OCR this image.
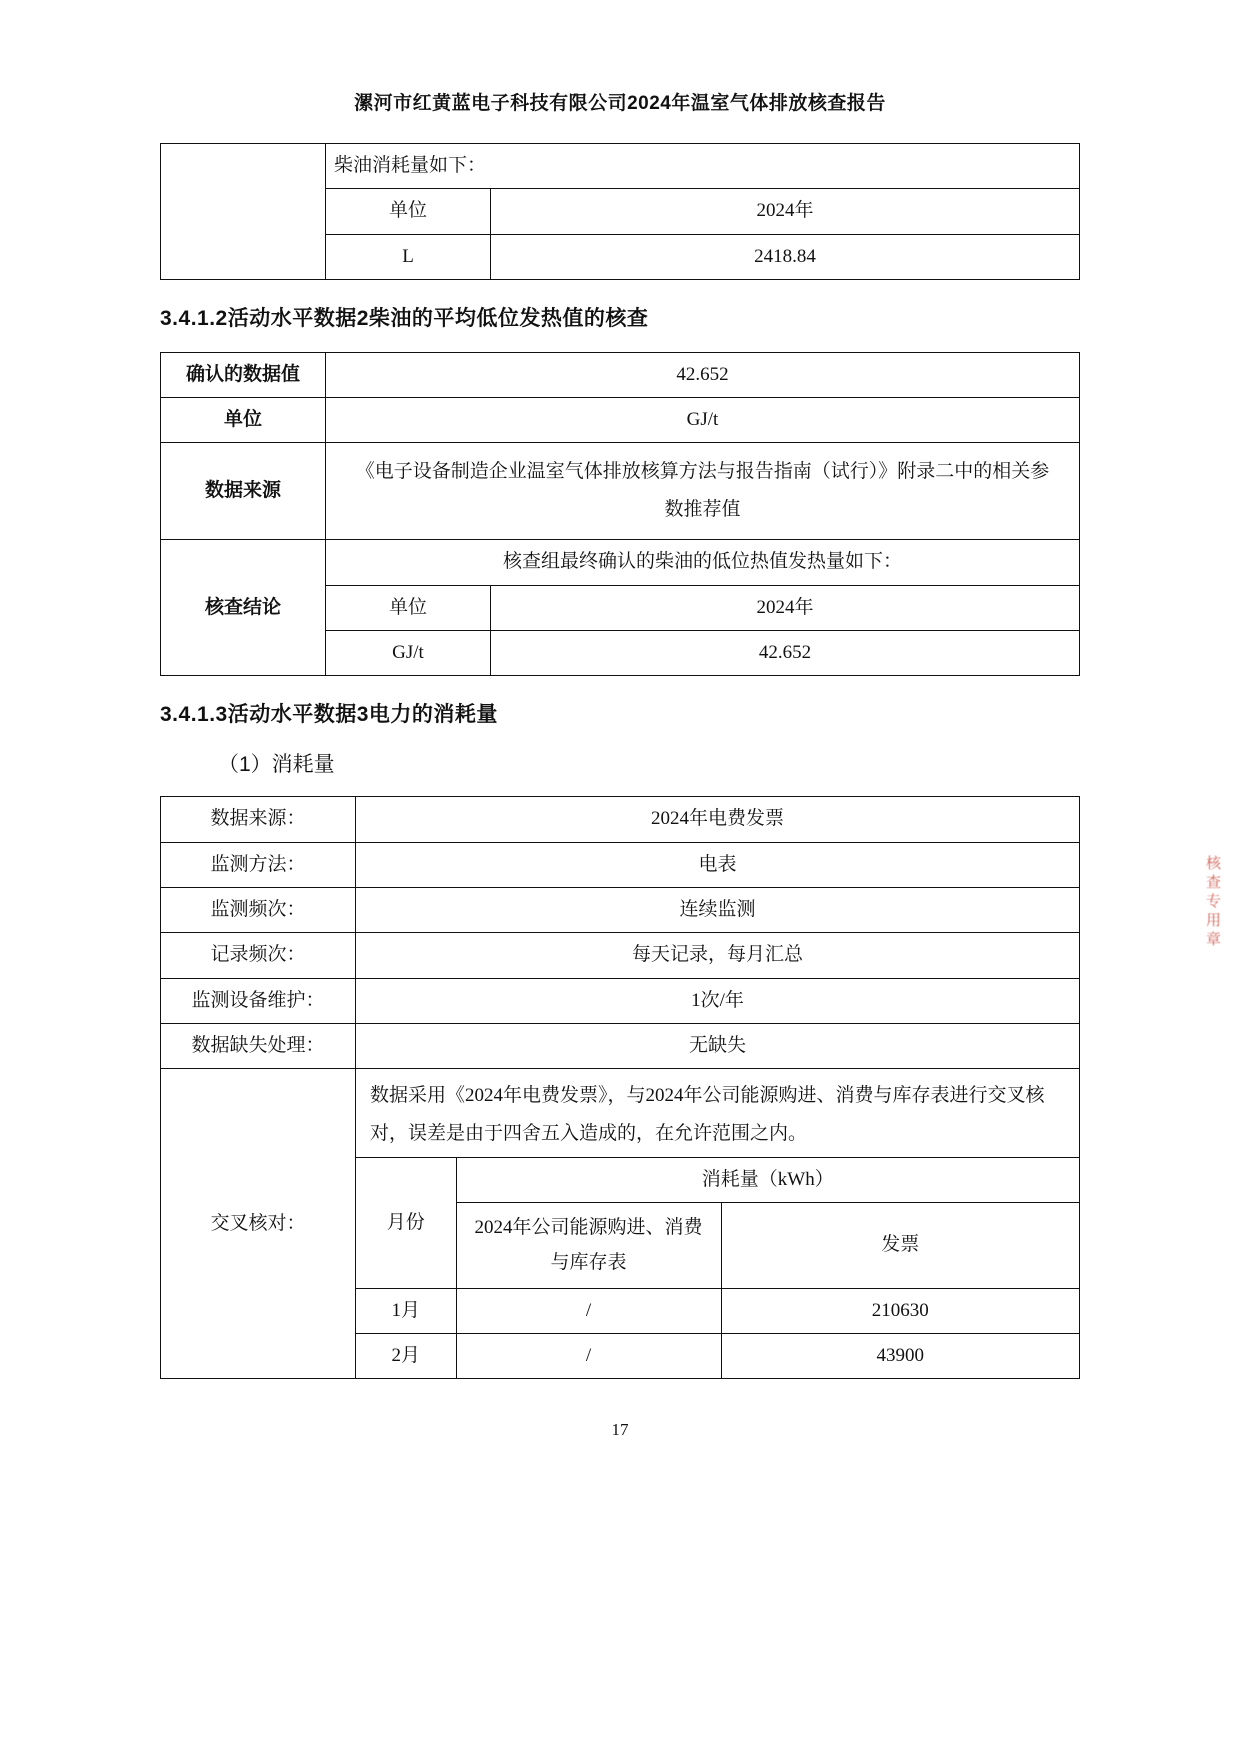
漯河市红黄蓝电子科技有限公司2024年温室气体排放核查报告
	柴油消耗量如下：	
	单位	2024年
	L	2418.84
3.4.1.2活动水平数据2柴油的平均低位发热值的核查
确认的数据值	42.652	
单位	GJ/t	
数据来源	《电子设备制造企业温室气体排放核算方法与报告指南（试行）》附录二中的相关参数推荐值	
核查结论	核查组最终确认的柴油的低位热值发热量如下：	
	单位	2024年
	GJ/t	42.652
3.4.1.3活动水平数据3电力的消耗量

（1）消耗量

数据来源：	2024年电费发票
监测方法：	电表
监测频次：	连续监测
记录频次：	每天记录，每月汇总
监测设备维护：	1次/年
数据缺失处理：	无缺失
交叉核对：	
数据采用《2024年电费发票》，与2024年公司能源购进、消费与库存表进行交叉核对，误差是由于四舍五入造成的，在允许范围之内。
月份	消耗量（kWh）
2024年公司能源购进、消费与库存表	发票
1月	/	210630
2月	/	43900
核查专用章
17
